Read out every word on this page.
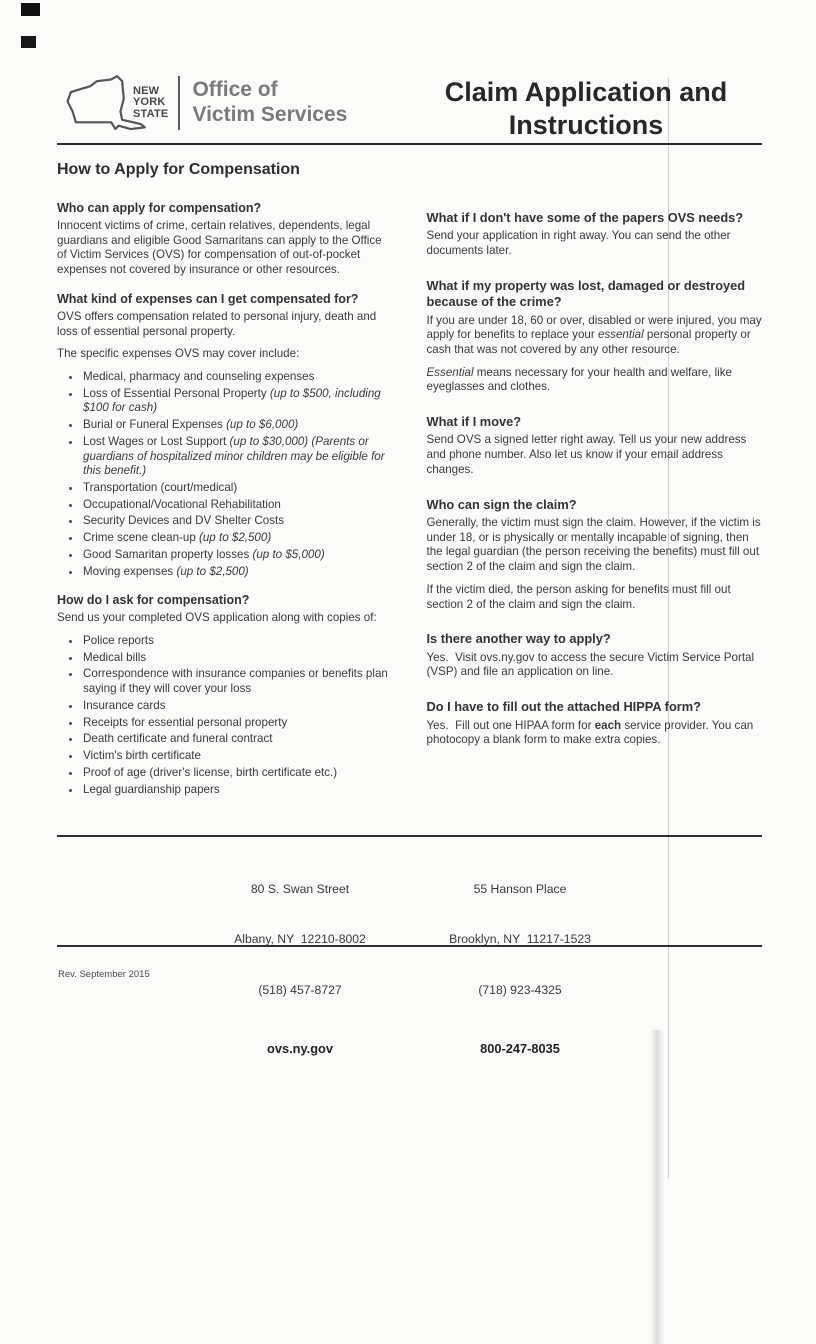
NEW
YORK
STATE
Office of
Victim Services
Claim Application and
Instructions
How to Apply for Compensation
Who can apply for compensation?

Innocent victims of crime, certain relatives, dependents, legal guardians and eligible Good Samaritans can apply to the Office of Victim Services (OVS) for compensation of out-of-pocket expenses not covered by insurance or other resources.

What kind of expenses can I get compensated for?

OVS offers compensation related to personal injury, death and loss of essential personal property.

The specific expenses OVS may cover include:

• Medical, pharmacy and counseling expenses
• Loss of Essential Personal Property (up to $500, including $100 for cash)
• Burial or Funeral Expenses (up to $6,000)
• Lost Wages or Lost Support (up to $30,000) (Parents or guardians of hospitalized minor children may be eligible for this benefit.)
• Transportation (court/medical)
• Occupational/Vocational Rehabilitation
• Security Devices and DV Shelter Costs
• Crime scene clean-up (up to $2,500)
• Good Samaritan property losses (up to $5,000)
• Moving expenses (up to $2,500)
How do I ask for compensation?

Send us your completed OVS application along with copies of:

• Police reports
• Medical bills
• Correspondence with insurance companies or benefits plan saying if they will cover your loss
• Insurance cards
• Receipts for essential personal property
• Death certificate and funeral contract
• Victim's birth certificate
• Proof of age (driver's license, birth certificate etc.)
• Legal guardianship papers
What if I don't have some of the papers OVS needs?

Send your application in right away. You can send the other documents later.

What if my property was lost, damaged or destroyed because of the crime?

If you are under 18, 60 or over, disabled or were injured, you may apply for benefits to replace your essential personal property or cash that was not covered by any other resource.

Essential means necessary for your health and welfare, like eyeglasses and clothes.

What if I move?

Send OVS a signed letter right away. Tell us your new address and phone number. Also let us know if your email address changes.

Who can sign the claim?

Generally, the victim must sign the claim. However, if the victim is under 18, or is physically or mentally incapable of signing, then the legal guardian (the person receiving the benefits) must fill out section 2 of the claim and sign the claim.

If the victim died, the person asking for benefits must fill out section 2 of the claim and sign the claim.

Is there another way to apply?

Yes.  Visit ovs.ny.gov to access the secure Victim Service Portal (VSP) and file an application on line.

Do I have to fill out the attached HIPPA form?

Yes.  Fill out one HIPAA form for each service provider. You can photocopy a blank form to make extra copies.

80 S. Swan Street

Albany, NY  12210-8002

(518) 457-8727

ovs.ny.gov

55 Hanson Place

Brooklyn, NY  11217-1523

(718) 923-4325

800-247-8035

Rev. September 2015
